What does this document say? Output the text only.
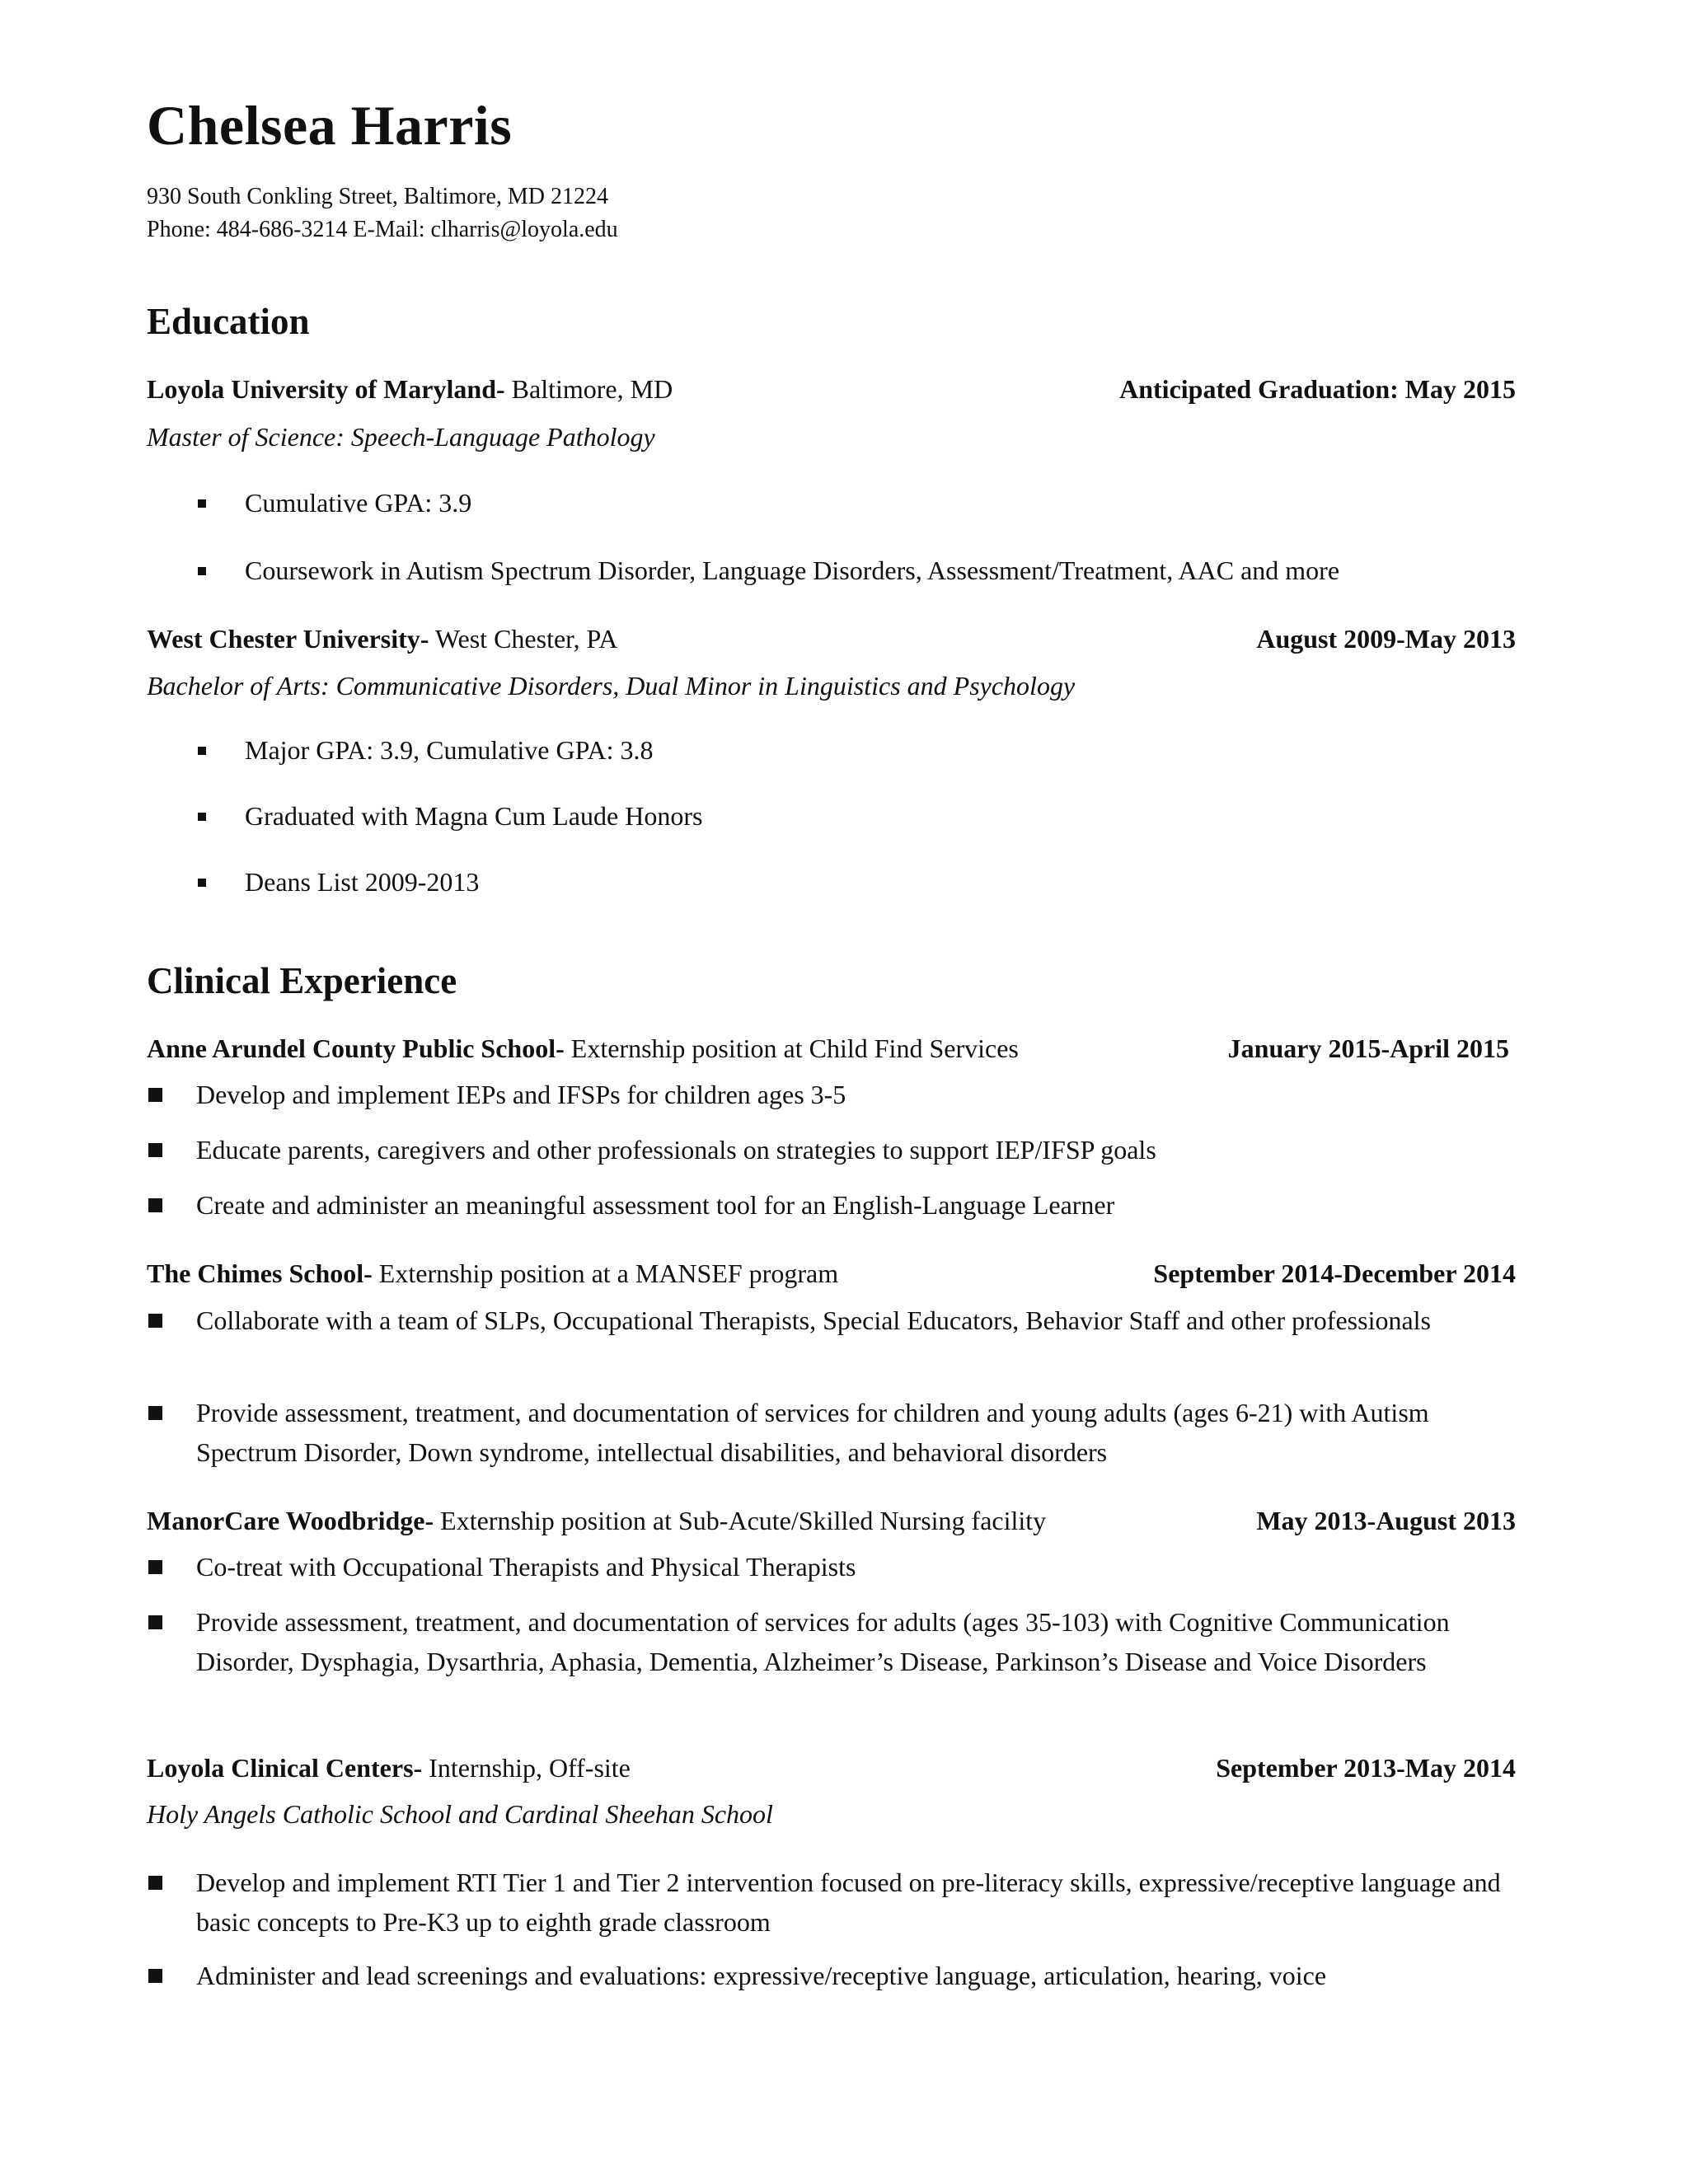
Chelsea Harris
930 South Conkling Street, Baltimore, MD 21224
Phone: 484-686-3214 E-Mail: clharris@loyola.edu
Education
Loyola University of Maryland- Baltimore, MD	Anticipated Graduation: May 2015
Master of Science: Speech-Language Pathology
Cumulative GPA: 3.9
Coursework in Autism Spectrum Disorder, Language Disorders, Assessment/Treatment, AAC and more
West Chester University- West Chester, PA	August 2009-May 2013
Bachelor of Arts: Communicative Disorders, Dual Minor in Linguistics and Psychology
Major GPA: 3.9, Cumulative GPA: 3.8
Graduated with Magna Cum Laude Honors
Deans List 2009-2013
Clinical Experience
Anne Arundel County Public School- Externship position at Child Find Services	January 2015-April 2015
Develop and implement IEPs and IFSPs for children ages 3-5
Educate parents, caregivers and other professionals on strategies to support IEP/IFSP goals
Create and administer an meaningful assessment tool for an English-Language Learner
The Chimes School- Externship position at a MANSEF program	September 2014-December 2014
Collaborate with a team of SLPs, Occupational Therapists, Special Educators, Behavior Staff and other professionals
Provide assessment, treatment, and documentation of services for children and young adults (ages 6-21) with Autism Spectrum Disorder, Down syndrome, intellectual disabilities, and behavioral disorders
ManorCare Woodbridge- Externship position at Sub-Acute/Skilled Nursing facility	May 2013-August 2013
Co-treat with Occupational Therapists and Physical Therapists
Provide assessment, treatment, and documentation of services for adults (ages 35-103) with Cognitive Communication Disorder, Dysphagia, Dysarthria, Aphasia, Dementia, Alzheimer’s Disease, Parkinson’s Disease and Voice Disorders
Loyola Clinical Centers- Internship, Off-site	September 2013-May 2014
Holy Angels Catholic School and Cardinal Sheehan School
Develop and implement RTI Tier 1 and Tier 2 intervention focused on pre-literacy skills, expressive/receptive language and basic concepts to Pre-K3 up to eighth grade classroom
Administer and lead screenings and evaluations: expressive/receptive language, articulation, hearing, voice
